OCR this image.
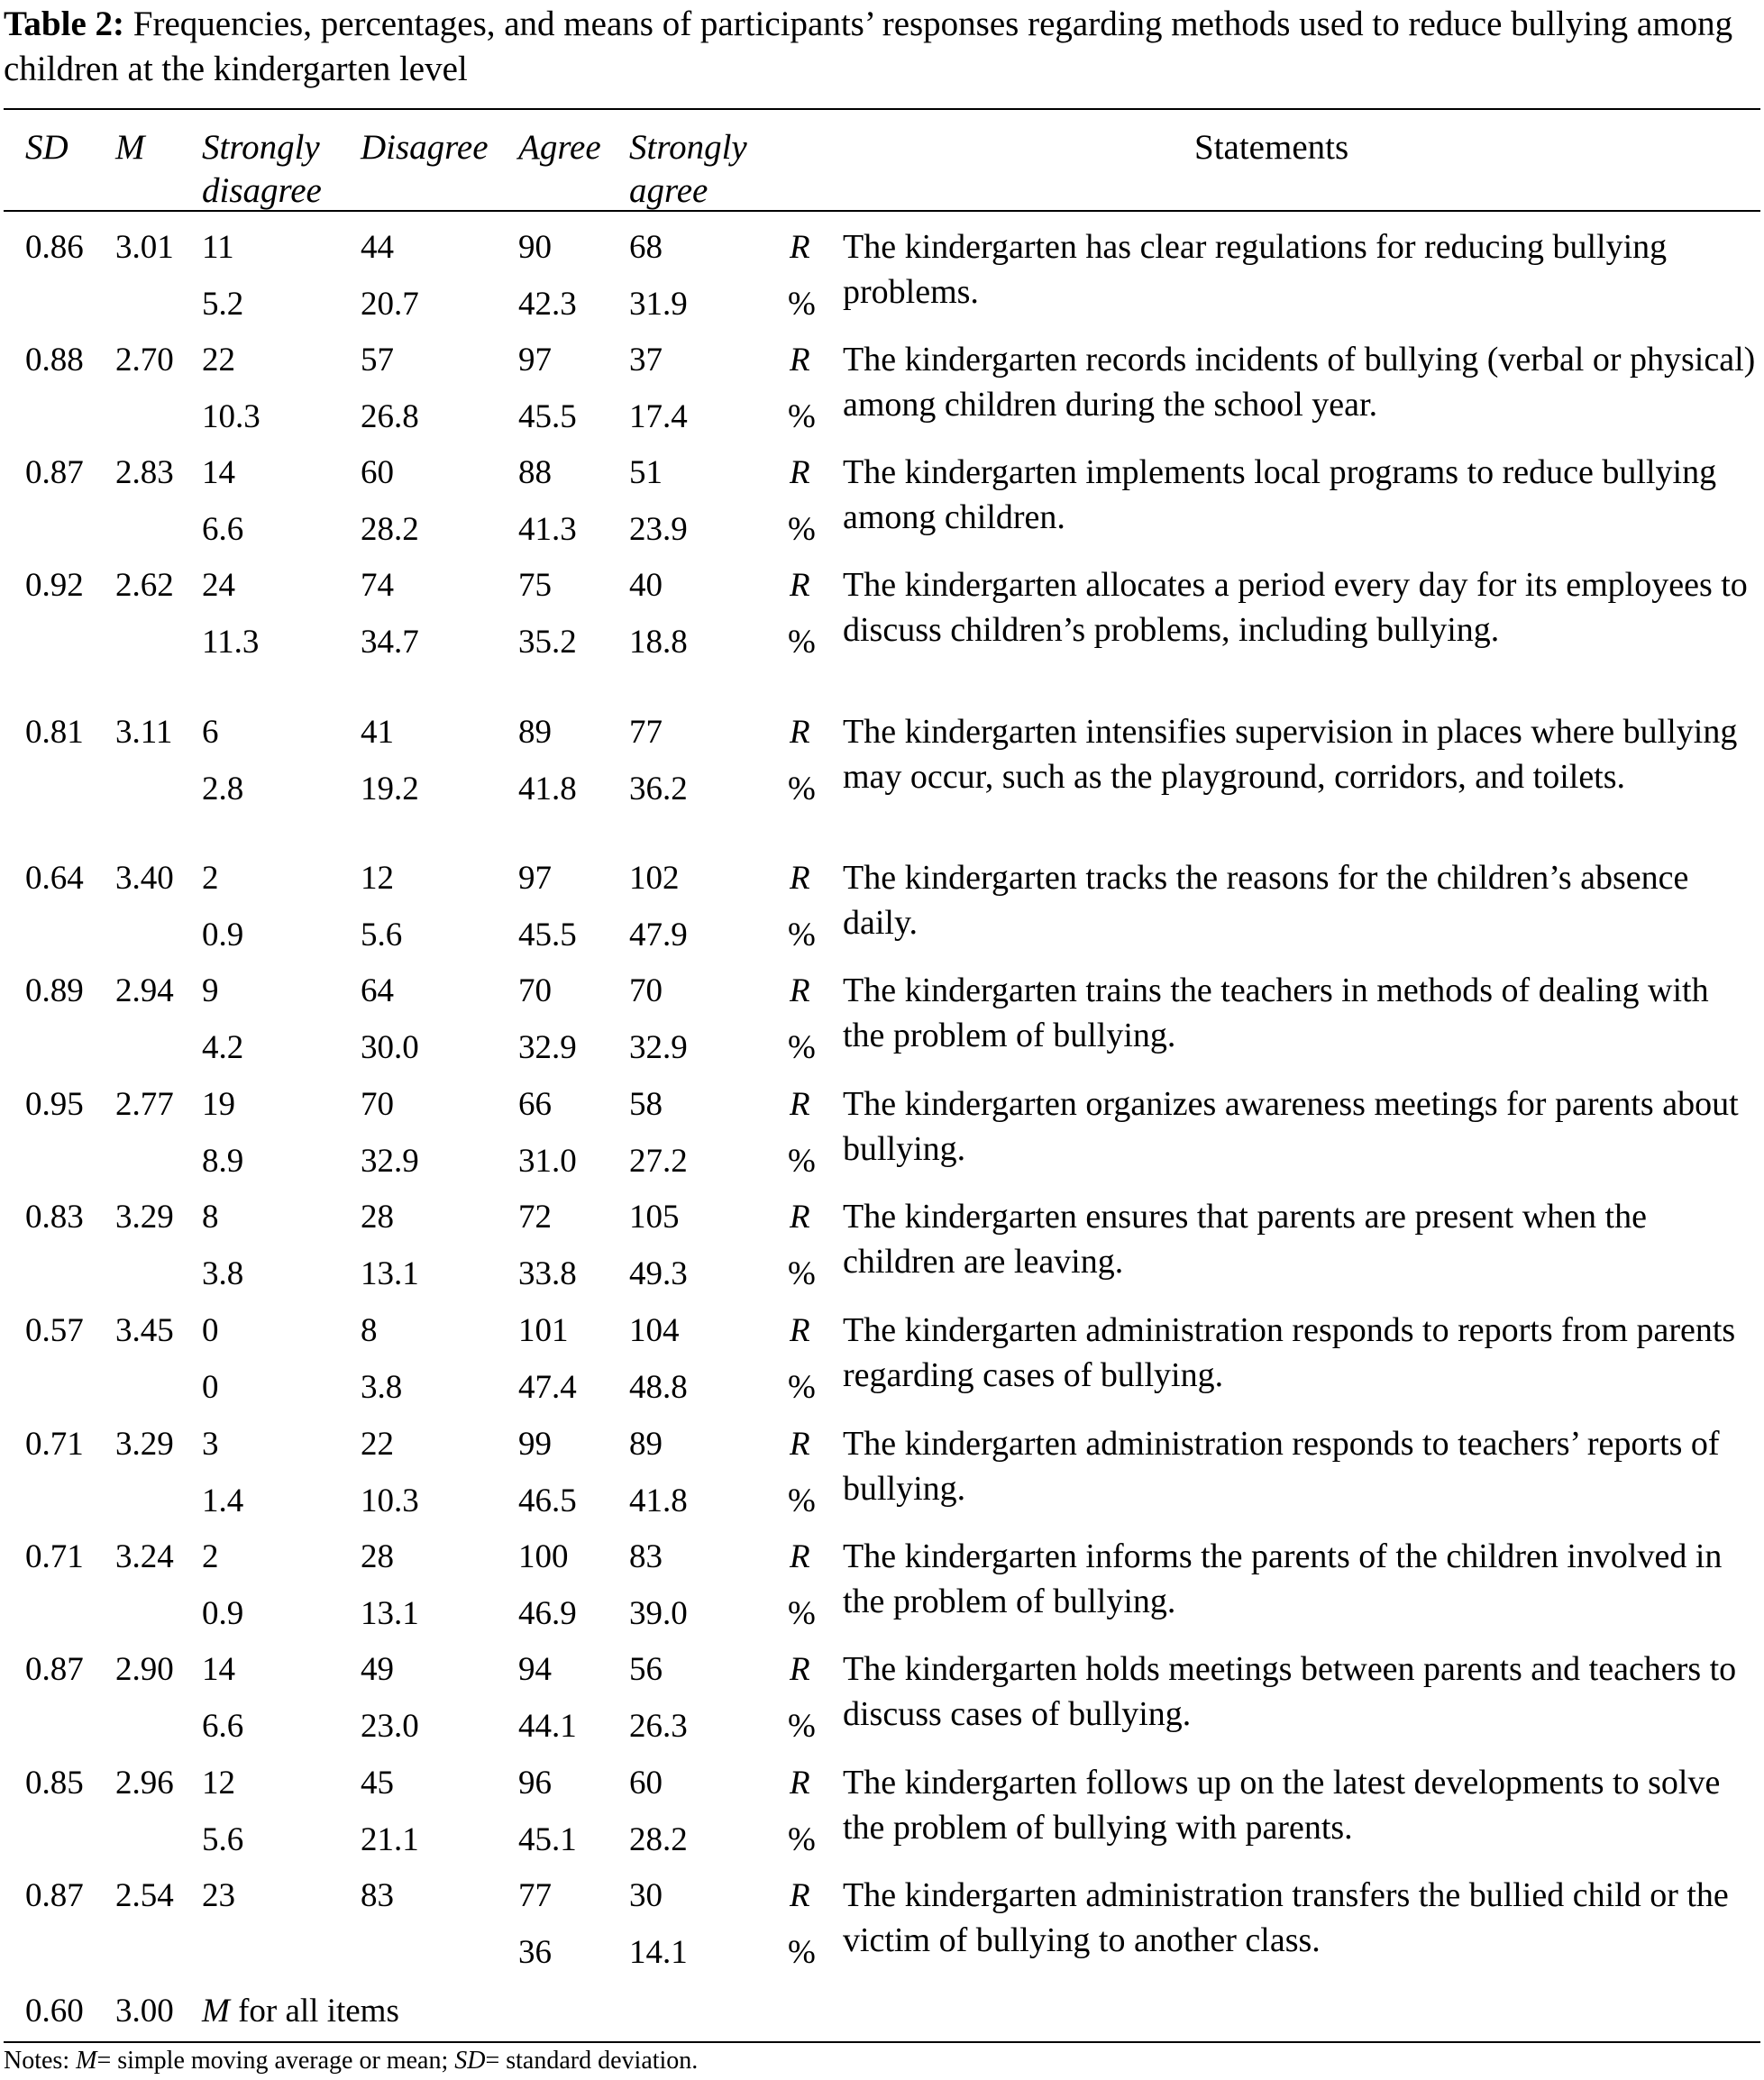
Table 2: Frequencies, percentages, and means of participants’ responses regarding methods used to reduce bullying among children at the kindergarten level
SD M Strongly
disagree
Disagree Agree Strongly
agree
Statements
0.86 3.01 11
5.2
44
20.7
90
42.3
68
31.9
R
%
The kindergarten has clear regulations for reducing bullying problems.
0.88 2.70 22
10.3
57
26.8
97
45.5
37
17.4
R
%
The kindergarten records incidents of bullying (verbal or physical) among children during the school year.
0.87 2.83 14
6.6
60
28.2
88
41.3
51
23.9
R
%
The kindergarten implements local programs to reduce bullying among children.
0.92 2.62 24
11.3
74
34.7
75
35.2
40
18.8
R
%
The kindergarten allocates a period every day for its employees to discuss children’s problems, including bullying.
0.81 3.11 6
2.8
41
19.2
89
41.8
77
36.2
R
%
The kindergarten intensifies supervision in places where bullying may occur, such as the playground, corridors, and toilets.
0.64 3.40 2
0.9
12
5.6
97
45.5
102
47.9
R
%
The kindergarten tracks the reasons for the children’s absence daily.
0.89 2.94 9
4.2
64
30.0
70
32.9
70
32.9
R
%
The kindergarten trains the teachers in methods of dealing with the problem of bullying.
0.95 2.77 19
8.9
70
32.9
66
31.0
58
27.2
R
%
The kindergarten organizes awareness meetings for parents about bullying.
0.83 3.29 8
3.8
28
13.1
72
33.8
105
49.3
R
%
The kindergarten ensures that parents are present when the children are leaving.
0.57 3.45 0
0
8
3.8
101
47.4
104
48.8
R
%
The kindergarten administration responds to reports from parents regarding cases of bullying.
0.71 3.29 3
1.4
22
10.3
99
46.5
89
41.8
R
%
The kindergarten administration responds to teachers’ reports of bullying.
0.71 3.24 2
0.9
28
13.1
100
46.9
83
39.0
R
%
The kindergarten informs the parents of the children involved in the problem of bullying.
0.87 2.90 14
6.6
49
23.0
94
44.1
56
26.3
R
%
The kindergarten holds meetings between parents and teachers to discuss cases of bullying.
0.85 2.96 12
5.6
45
21.1
96
45.1
60
28.2
R
%
The kindergarten follows up on the latest developments to solve the problem of bullying with parents.
0.87 2.54 23	83	77
36
30
14.1
R
%
The kindergarten administration transfers the bullied child or the victim of bullying to another class.
0.60 3.00 M for all items
Notes: M= simple moving average or mean; SD= standard deviation.
